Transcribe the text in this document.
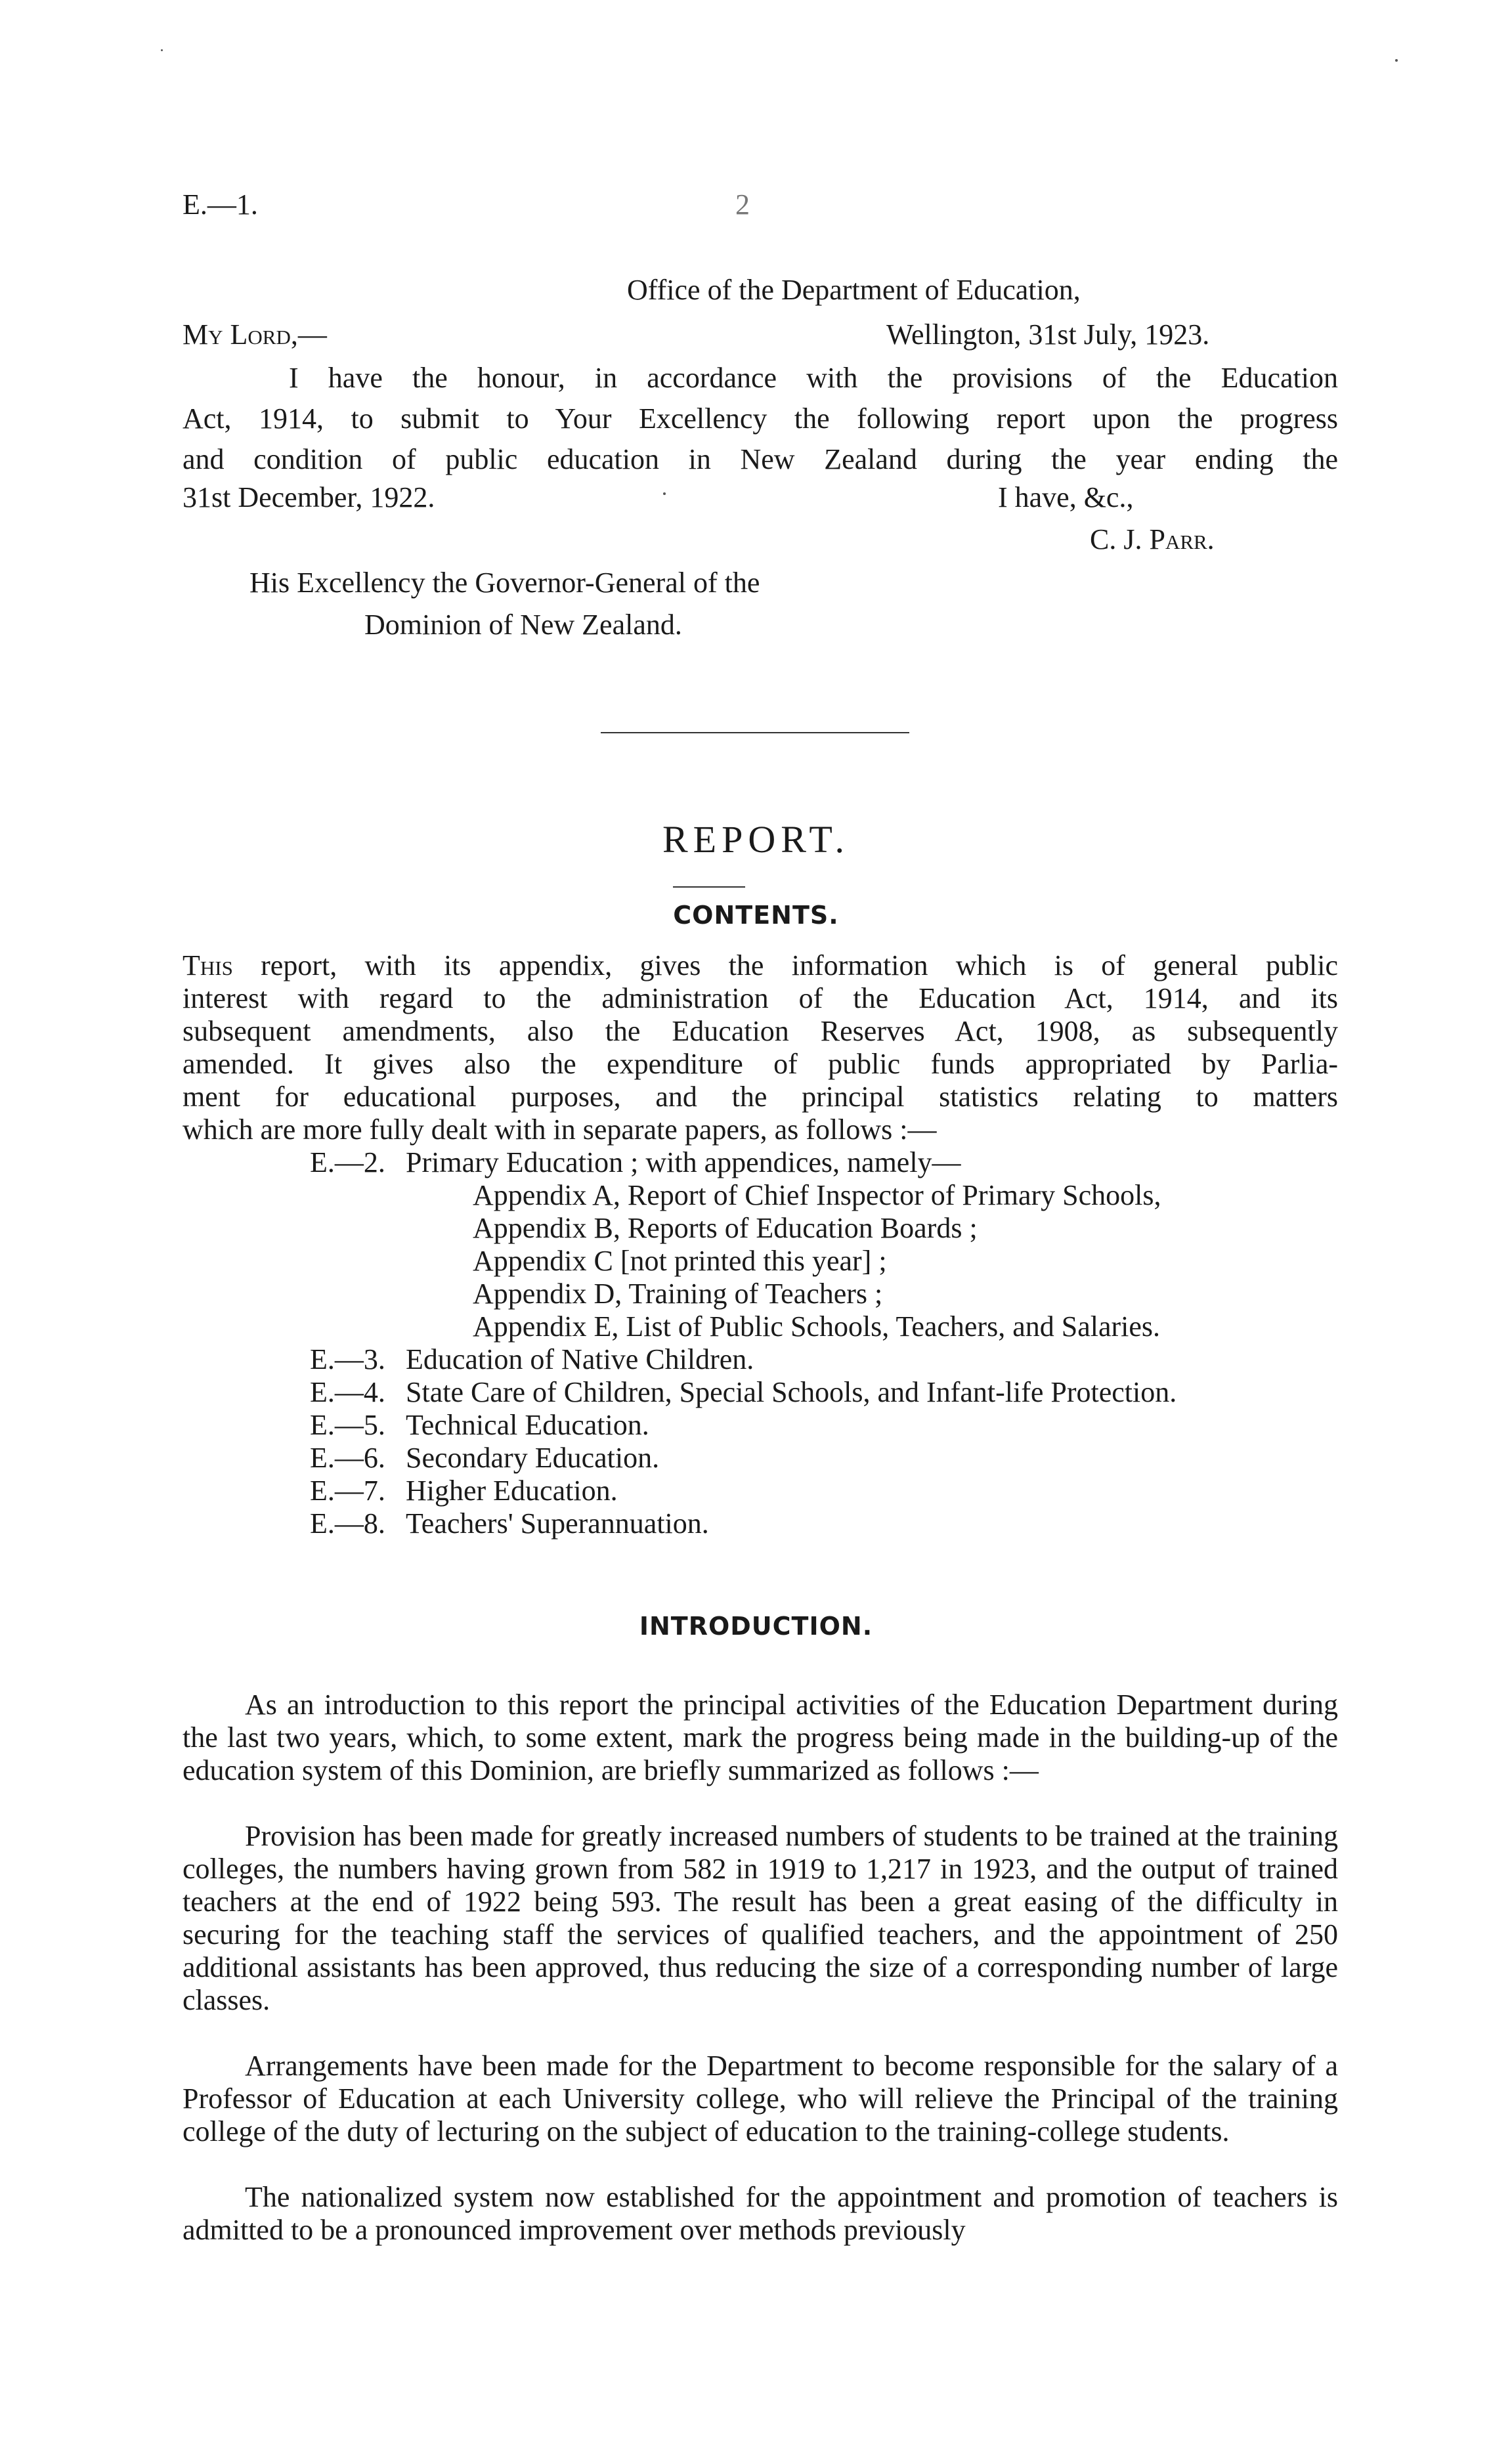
E.—1.	2
Office of the Department of Education,
My Lord,—	Wellington, 31st July, 1923.
I have the honour, in accordance with the provisions of the Education
Act, 1914, to submit to Your Excellency the following report upon the progress
and condition of public education in New Zealand during the year ending the
31st December, 1922.	I have, &c.,
C. J. Parr.
His Excellency the Governor-General of the
Dominion of New Zealand.
REPORT.
CONTENTS.
This report, with its appendix, gives the information which is of general public
interest with regard to the administration of the Education Act, 1914, and its
subsequent amendments, also the Education Reserves Act, 1908, as subsequently
amended. It gives also the expenditure of public funds appropriated by Parlia-
ment for educational purposes, and the principal statistics relating to matters
which are more fully dealt with in separate papers, as follows :—
E.—2. Primary Education ; with appendices, namely—
Appendix A, Report of Chief Inspector of Primary Schools,
Appendix B, Reports of Education Boards ;
Appendix C [not printed this year] ;
Appendix D, Training of Teachers ;
Appendix E, List of Public Schools, Teachers, and Salaries.
E.—3. Education of Native Children.
E.—4. State Care of Children, Special Schools, and Infant-life Protection.
E.—5. Technical Education.
E.—6. Secondary Education.
E.—7. Higher Education.
E.—8. Teachers' Superannuation.
INTRODUCTION.

As an introduction to this report the principal activities of the Education Department during the last two years, which, to some extent, mark the progress being made in the building-up of the education system of this Dominion, are briefly summarized as follows :—

Provision has been made for greatly increased numbers of students to be trained at the training colleges, the numbers having grown from 582 in 1919 to 1,217 in 1923, and the output of trained teachers at the end of 1922 being 593. The result has been a great easing of the difficulty in securing for the teaching staff the services of qualified teachers, and the appointment of 250 additional assistants has been approved, thus reducing the size of a corresponding number of large classes.

Arrangements have been made for the Department to become responsible for the salary of a Professor of Education at each University college, who will relieve the Principal of the training college of the duty of lecturing on the subject of education to the training-college students.

The nationalized system now established for the appointment and promotion of teachers is admitted to be a pronounced improvement over methods previously
